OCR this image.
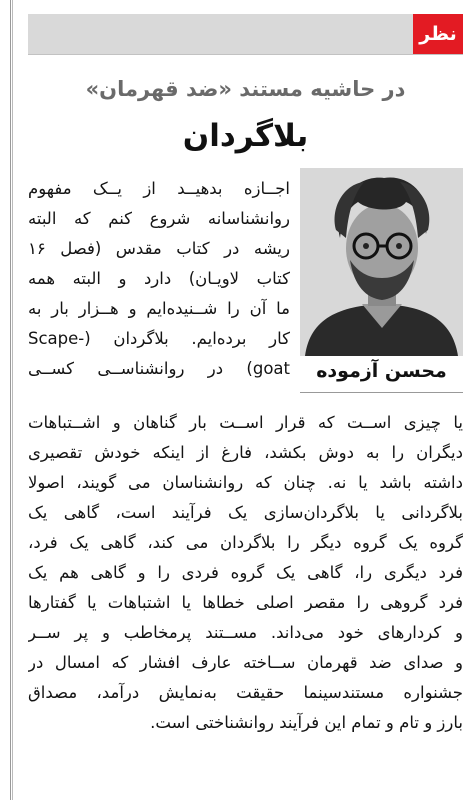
نظر
در حاشیه مستند «ضد قهرمان»
بلاگردان
محسن آزموده
اجــازه بدهیــد از یــک مفهوم
روانشناسانه شروع کنم که البته
ریشه در کتاب مقدس (فصل ۱۶
کتاب لاویـان) دارد و البته همه
ما آن را شــنیده‌ایم و هــزار بار به
کار برده‌ایم. بلاگردان (-Scape
goat) در روانشناســی کســی
یا چیزی اســت که قرار اســت بار گناهان و اشــتباهات
دیگران را به دوش بکشد، فارغ از اینکه خودش تقصیری
داشته باشد یا نه. چنان که روانشناسان می‌ گویند، اصولا
بلاگردانی یا بلاگردان‌سازی یک فرآیند است، گاهی یک
گروه یک گروه دیگر را بلاگردان می‌ کند، گاهی یک فرد،
فرد دیگری را، گاهی یک گروه فردی را و گاهی هم یک
فرد گروهی را مقصر اصلی خطاها یا اشتباهات یا گفتارها
و کردارهای خود می‌داند. مســتند پرمخاطب و پر ســر
و صدای ضد قهرمان ســاخته عارف افشار که امسال در
جشنواره مستندسینما حقیقت به‌نمایش درآمد، مصداق
بارز و تام و تمام این فرآیند روانشناختی است.
